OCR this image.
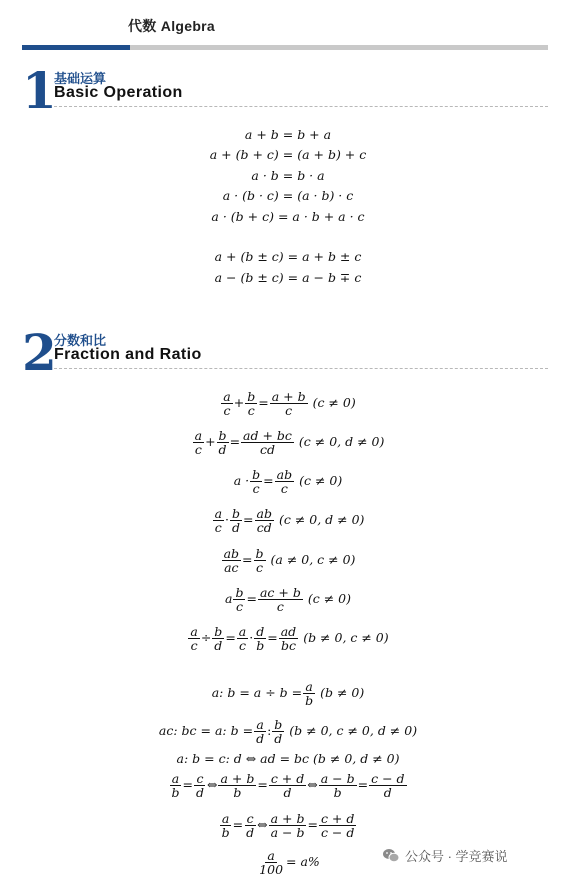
代数 Algebra
1
基础运算
Basic Operation
a + b = b + a
a + (b + c) = (a + b) + c
a · b = b · a
a · (b · c) = (a · b) · c
a · (b + c) = a · b + a · c
a + (b ± c) = a + b ± c
a − (b ± c) = a − b ∓ c
2
分数和比
Fraction and Ratio
$\frac{a}{c} + \frac{b}{c} = \frac{a + b}{c} (c \ne 0)$
$\frac{a}{c} + \frac{b}{d} = \frac{ad + bc}{cd} (c \ne 0$, d ≠ 0)
$a \cdot \frac{b}{c} = \frac{ab}{c} (c \ne 0)$
$\frac{a}{c} \cdot \frac{b}{d} = \frac{ab}{cd} (c \ne 0$, d ≠ 0)
$\frac{ab}{ac} = \frac{b}{c} (a \ne 0$, c ≠ 0)
a $\frac{b}{c} = \frac{ac + b}{c} (c \ne 0)$
$\frac{a}{c} \div \frac{b}{d} = \frac{a}{c} \cdot \frac{d}{b} = \frac{ad}{bc} (b \ne 0$, c ≠ 0)
a: $b = a \div b = \frac{a}{b} (b \ne 0)$
ac: bc = a: $b = \frac{a}{d}$ : $\frac{b}{d} (b \ne 0$, c ≠ 0, d ≠ 0)
a: b = c: d ⇔ ad = bc (b ≠ 0, d ≠ 0)
$\frac{a}{b} = \frac{c}{d}$ ⇔ $\frac{a + b}{b} = \frac{c + d}{d}$ ⇔ $\frac{a - b}{b} = \frac{c - d}{d}$
$\frac{a}{b} = \frac{c}{d}$ ⇔ $\frac{a + b}{a - b} = \frac{c + d}{c - d}$
$\frac{a}{100} = a\%$	公众号 · 学竞赛说
